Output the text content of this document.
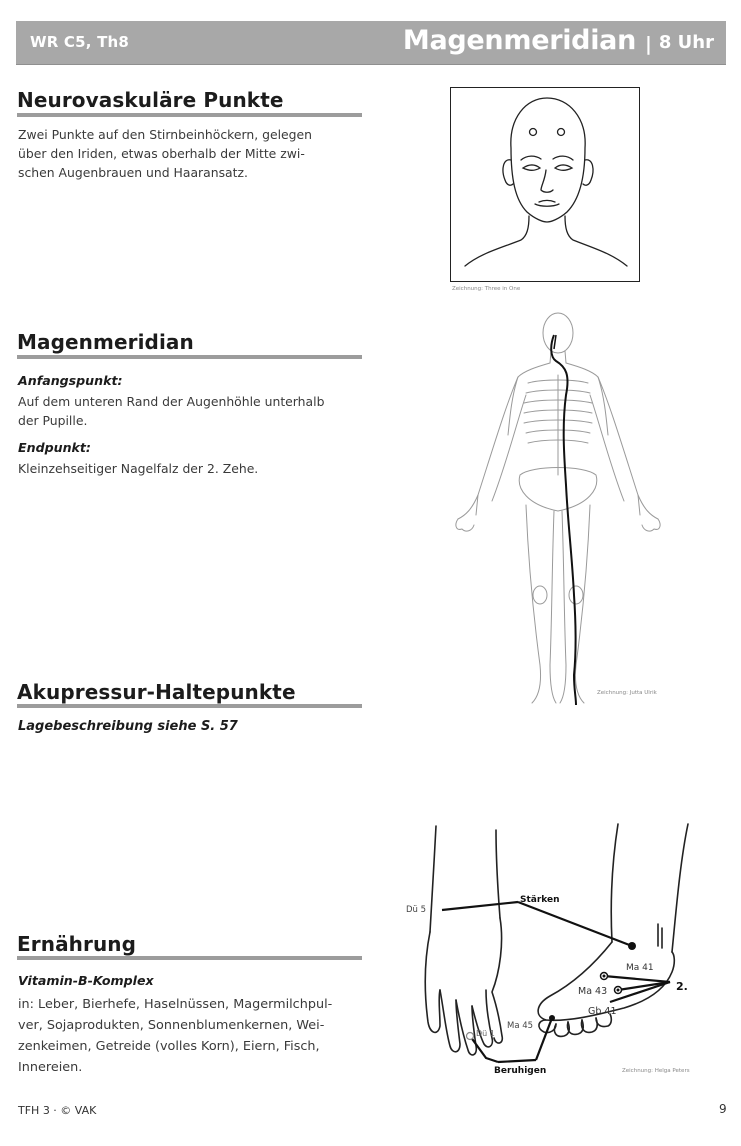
WR C5, Th8	Magenmeridian | 8 Uhr
Neurovaskuläre Punkte
Zwei Punkte auf den Stirnbeinhöckern, gelegen
über den Iriden, etwas oberhalb der Mitte zwi-
schen Augenbrauen und Haaransatz.
Magenmeridian
Anfangspunkt:
Auf dem unteren Rand der Augenhöhle unterhalb
der Pupille.
Endpunkt:
Kleinzehseitiger Nagelfalz der 2. Zehe.
Akupressur-Haltepunkte
Lagebeschreibung siehe S. 57
Ernährung
Vitamin-B-Komplex
in: Leber, Bierhefe, Haselnüssen, Magermilchpul-
ver, Sojaprodukten, Sonnenblumenkernen, Wei-
zenkeimen, Getreide (volles Korn), Eiern, Fisch,
Innereien.
Zeichnung: Three in One
Zeichnung: Jutta Ulrik
Dü 5
Stärken
Ma 41
Ma 43	2.
Gb 41
Ma 45
Dü 1
Beruhigen	Zeichnung: Helga Peters
TFH 3 · © VAK	9
